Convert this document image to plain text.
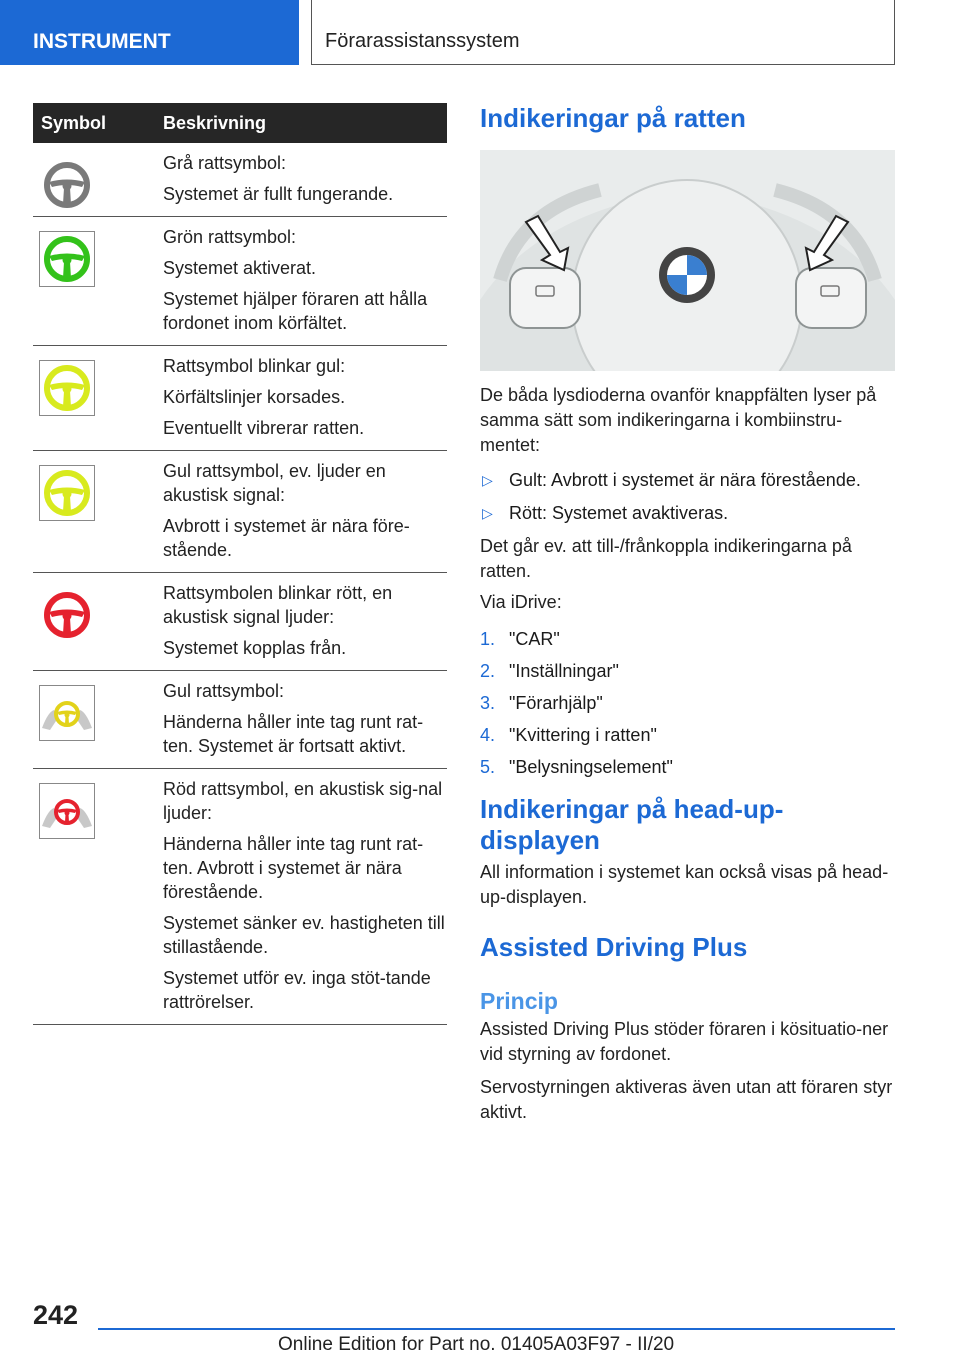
INSTRUMENT	Förarassistanssystem
Symbol	Beskrivning

Grå rattsymbol:

Systemet är fullt fungerande.

Grön rattsymbol:

Systemet aktiverat.

Systemet hjälper föraren att hålla fordonet inom körfältet.

Rattsymbol blinkar gul:

Körfältslinjer korsades.

Eventuellt vibrerar ratten.

Gul rattsymbol, ev. ljuder en akustisk signal:

Avbrott i systemet är nära före-stående.

Rattsymbolen blinkar rött, en akustisk signal ljuder:

Systemet kopplas från.

Gul rattsymbol:

Händerna håller inte tag runt rat-ten. Systemet är fortsatt aktivt.

Röd rattsymbol, en akustisk sig-nal ljuder:

Händerna håller inte tag runt rat-ten. Avbrott i systemet är nära förestående.

Systemet sänker ev. hastigheten till stillastående.

Systemet utför ev. inga stöt-tande rattrörelser.

Indikeringar på ratten

De båda lysdioderna ovanför knappfälten lyser på samma sätt som indikeringarna i kombiinstru-mentet:

▷ Gult: Avbrott i systemet är nära förestående.
▷ Rött: Systemet avaktiveras.

Det går ev. att till-/frånkoppla indikeringarna på ratten.

Via iDrive:

1. "CAR"
2. "Inställningar"
3. "Förarhjälp"
4. "Kvittering i ratten"
5. "Belysningselement"
Indikeringar på head-up-displayen

All information i systemet kan också visas på head-up-displayen.

Assisted Driving Plus
Princip

Assisted Driving Plus stöder föraren i kösituatio-ner vid styrning av fordonet.

Servostyrningen aktiveras även utan att föraren styr aktivt.

242
Online Edition for Part no. 01405A03F97 - II/20
